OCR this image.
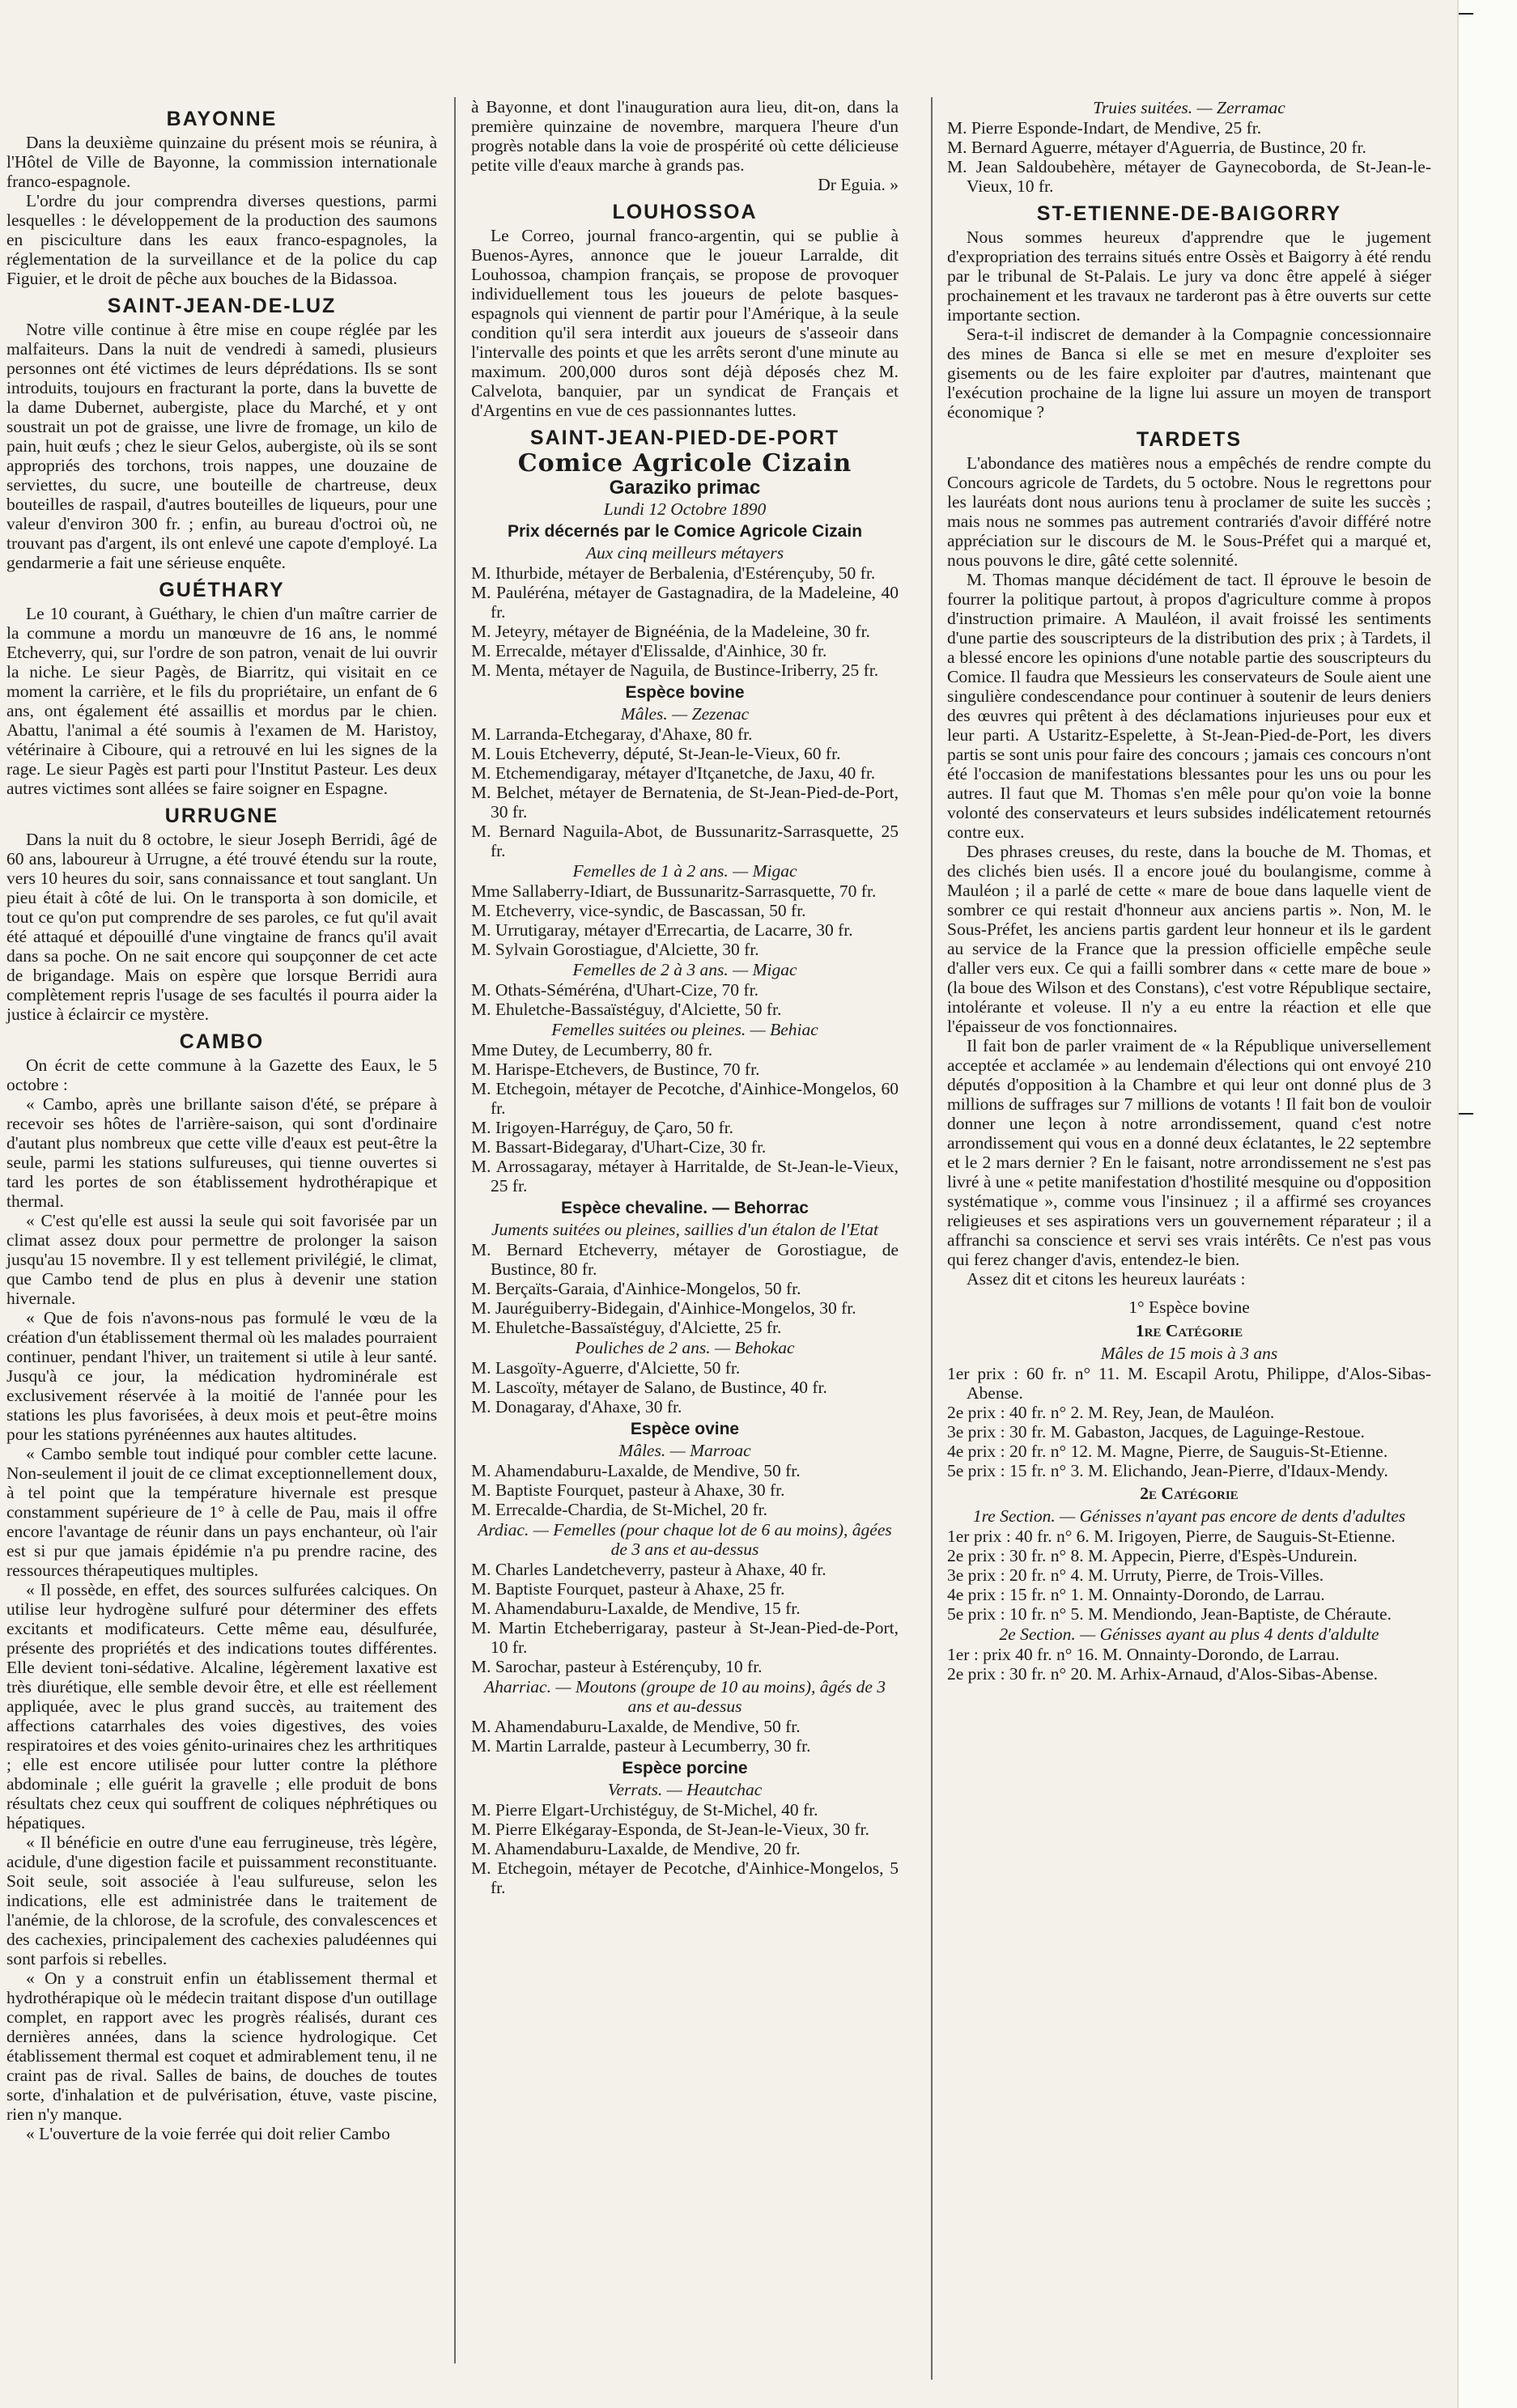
BAYONNE

Dans la deuxième quinzaine du présent mois se réunira, à l'Hôtel de Ville de Bayonne, la commission internationale franco-espagnole.

L'ordre du jour comprendra diverses questions, parmi lesquelles : le développement de la production des saumons en pisciculture dans les eaux franco-espagnoles, la réglementation de la surveillance et de la police du cap Figuier, et le droit de pêche aux bouches de la Bidassoa.

SAINT-JEAN-DE-LUZ

Notre ville continue à être mise en coupe réglée par les malfaiteurs. Dans la nuit de vendredi à samedi, plusieurs personnes ont été victimes de leurs déprédations. Ils se sont introduits, toujours en fracturant la porte, dans la buvette de la dame Dubernet, aubergiste, place du Marché, et y ont soustrait un pot de graisse, une livre de fromage, un kilo de pain, huit œufs ; chez le sieur Gelos, aubergiste, où ils se sont appropriés des torchons, trois nappes, une douzaine de serviettes, du sucre, une bouteille de chartreuse, deux bouteilles de raspail, d'autres bouteilles de liqueurs, pour une valeur d'environ 300 fr. ; enfin, au bureau d'octroi où, ne trouvant pas d'argent, ils ont enlevé une capote d'employé. La gendarmerie a fait une sérieuse enquête.

GUÉTHARY

Le 10 courant, à Guéthary, le chien d'un maître carrier de la commune a mordu un manœuvre de 16 ans, le nommé Etcheverry, qui, sur l'ordre de son patron, venait de lui ouvrir la niche. Le sieur Pagès, de Biarritz, qui visitait en ce moment la carrière, et le fils du propriétaire, un enfant de 6 ans, ont également été assaillis et mordus par le chien. Abattu, l'animal a été soumis à l'examen de M. Haristoy, vétérinaire à Ciboure, qui a retrouvé en lui les signes de la rage. Le sieur Pagès est parti pour l'Institut Pasteur. Les deux autres victimes sont allées se faire soigner en Espagne.

URRUGNE

Dans la nuit du 8 octobre, le sieur Joseph Berridi, âgé de 60 ans, laboureur à Urrugne, a été trouvé étendu sur la route, vers 10 heures du soir, sans connaissance et tout sanglant. Un pieu était à côté de lui. On le transporta à son domicile, et tout ce qu'on put comprendre de ses paroles, ce fut qu'il avait été attaqué et dépouillé d'une vingtaine de francs qu'il avait dans sa poche. On ne sait encore qui soupçonner de cet acte de brigandage. Mais on espère que lorsque Berridi aura complètement repris l'usage de ses facultés il pourra aider la justice à éclaircir ce mystère.

CAMBO

On écrit de cette commune à la Gazette des Eaux, le 5 octobre :

« Cambo, après une brillante saison d'été, se prépare à recevoir ses hôtes de l'arrière-saison, qui sont d'ordinaire d'autant plus nombreux que cette ville d'eaux est peut-être la seule, parmi les stations sulfureuses, qui tienne ouvertes si tard les portes de son établissement hydrothérapique et thermal.

« C'est qu'elle est aussi la seule qui soit favorisée par un climat assez doux pour permettre de prolonger la saison jusqu'au 15 novembre. Il y est tellement privilégié, le climat, que Cambo tend de plus en plus à devenir une station hivernale.

« Que de fois n'avons-nous pas formulé le vœu de la création d'un établissement thermal où les malades pourraient continuer, pendant l'hiver, un traitement si utile à leur santé. Jusqu'à ce jour, la médication hydrominérale est exclusivement réservée à la moitié de l'année pour les stations les plus favorisées, à deux mois et peut-être moins pour les stations pyrénéennes aux hautes altitudes.

« Cambo semble tout indiqué pour combler cette lacune. Non-seulement il jouit de ce climat exceptionnellement doux, à tel point que la température hivernale est presque constamment supérieure de 1° à celle de Pau, mais il offre encore l'avantage de réunir dans un pays enchanteur, où l'air est si pur que jamais épidémie n'a pu prendre racine, des ressources thérapeutiques multiples.

« Il possède, en effet, des sources sulfurées calciques. On utilise leur hydrogène sulfuré pour déterminer des effets excitants et modificateurs. Cette même eau, désulfurée, présente des propriétés et des indications toutes différentes. Elle devient toni-sédative. Alcaline, légèrement laxative est très diurétique, elle semble devoir être, et elle est réellement appliquée, avec le plus grand succès, au traitement des affections catarrhales des voies digestives, des voies respiratoires et des voies génito-urinaires chez les arthritiques ; elle est encore utilisée pour lutter contre la pléthore abdominale ; elle guérit la gravelle ; elle produit de bons résultats chez ceux qui souffrent de coliques néphrétiques ou hépatiques.

« Il bénéficie en outre d'une eau ferrugineuse, très légère, acidule, d'une digestion facile et puissamment reconstituante. Soit seule, soit associée à l'eau sulfureuse, selon les indications, elle est administrée dans le traitement de l'anémie, de la chlorose, de la scrofule, des convalescences et des cachexies, principalement des cachexies paludéennes qui sont parfois si rebelles.

« On y a construit enfin un établissement thermal et hydrothérapique où le médecin traitant dispose d'un outillage complet, en rapport avec les progrès réalisés, durant ces dernières années, dans la science hydrologique. Cet établissement thermal est coquet et admirablement tenu, il ne craint pas de rival. Salles de bains, de douches de toutes sorte, d'inhalation et de pulvérisation, étuve, vaste piscine, rien n'y manque.

« L'ouverture de la voie ferrée qui doit relier Cambo

à Bayonne, et dont l'inauguration aura lieu, dit-on, dans la première quinzaine de novembre, marquera l'heure d'un progrès notable dans la voie de prospérité où cette délicieuse petite ville d'eaux marche à grands pas.

Dr Eguia. »

LOUHOSSOA

Le Correo, journal franco-argentin, qui se publie à Buenos-Ayres, annonce que le joueur Larralde, dit Louhossoa, champion français, se propose de provoquer individuellement tous les joueurs de pelote basques-espagnols qui viennent de partir pour l'Amérique, à la seule condition qu'il sera interdit aux joueurs de s'asseoir dans l'intervalle des points et que les arrêts seront d'une minute au maximum. 200,000 duros sont déjà déposés chez M. Calvelota, banquier, par un syndicat de Français et d'Argentins en vue de ces passionnantes luttes.

SAINT-JEAN-PIED-DE-PORT
Comice Agricole Cizain
Garaziko primac
Lundi 12 Octobre 1890
Prix décernés par le Comice Agricole Cizain
Aux cinq meilleurs métayers

M. Ithurbide, métayer de Berbalenia, d'Estérençuby, 50 fr.

M. Pauléréna, métayer de Gastagnadira, de la Madeleine, 40 fr.

M. Jeteyry, métayer de Bignéénia, de la Madeleine, 30 fr.

M. Errecalde, métayer d'Elissalde, d'Ainhice, 30 fr.

M. Menta, métayer de Naguila, de Bustince-Iriberry, 25 fr.

Espèce bovine
Mâles. — Zezenac

M. Larranda-Etchegaray, d'Ahaxe, 80 fr.

M. Louis Etcheverry, député, St-Jean-le-Vieux, 60 fr.

M. Etchemendigaray, métayer d'Itçanetche, de Jaxu, 40 fr.

M. Belchet, métayer de Bernatenia, de St-Jean-Pied-de-Port, 30 fr.

M. Bernard Naguila-Abot, de Bussunaritz-Sarrasquette, 25 fr.

Femelles de 1 à 2 ans. — Migac

Mme Sallaberry-Idiart, de Bussunaritz-Sarrasquette, 70 fr.

M. Etcheverry, vice-syndic, de Bascassan, 50 fr.

M. Urrutigaray, métayer d'Errecartia, de Lacarre, 30 fr.

M. Sylvain Gorostiague, d'Alciette, 30 fr.

Femelles de 2 à 3 ans. — Migac

M. Othats-Séméréna, d'Uhart-Cize, 70 fr.

M. Ehuletche-Bassaïstéguy, d'Alciette, 50 fr.

Femelles suitées ou pleines. — Behiac

Mme Dutey, de Lecumberry, 80 fr.

M. Harispe-Etchevers, de Bustince, 70 fr.

M. Etchegoin, métayer de Pecotche, d'Ainhice-Mongelos, 60 fr.

M. Irigoyen-Harréguy, de Çaro, 50 fr.

M. Bassart-Bidegaray, d'Uhart-Cize, 30 fr.

M. Arrossagaray, métayer à Harritalde, de St-Jean-le-Vieux, 25 fr.

Espèce chevaline. — Behorrac
Juments suitées ou pleines, saillies d'un étalon de l'Etat

M. Bernard Etcheverry, métayer de Gorostiague, de Bustince, 80 fr.

M. Berçaïts-Garaia, d'Ainhice-Mongelos, 50 fr.

M. Jauréguiberry-Bidegain, d'Ainhice-Mongelos, 30 fr.

M. Ehuletche-Bassaïstéguy, d'Alciette, 25 fr.

Pouliches de 2 ans. — Behokac

M. Lasgoïty-Aguerre, d'Alciette, 50 fr.

M. Lascoïty, métayer de Salano, de Bustince, 40 fr.

M. Donagaray, d'Ahaxe, 30 fr.

Espèce ovine
Mâles. — Marroac

M. Ahamendaburu-Laxalde, de Mendive, 50 fr.

M. Baptiste Fourquet, pasteur à Ahaxe, 30 fr.

M. Errecalde-Chardia, de St-Michel, 20 fr.

Ardiac. — Femelles (pour chaque lot de 6 au moins), âgées de 3 ans et au-dessus

M. Charles Landetcheverry, pasteur à Ahaxe, 40 fr.

M. Baptiste Fourquet, pasteur à Ahaxe, 25 fr.

M. Ahamendaburu-Laxalde, de Mendive, 15 fr.

M. Martin Etcheberrigaray, pasteur à St-Jean-Pied-de-Port, 10 fr.

M. Sarochar, pasteur à Estérençuby, 10 fr.

Aharriac. — Moutons (groupe de 10 au moins), âgés de 3 ans et au-dessus

M. Ahamendaburu-Laxalde, de Mendive, 50 fr.

M. Martin Larralde, pasteur à Lecumberry, 30 fr.

Espèce porcine
Verrats. — Heautchac

M. Pierre Elgart-Urchistéguy, de St-Michel, 40 fr.

M. Pierre Elkégaray-Esponda, de St-Jean-le-Vieux, 30 fr.

M. Ahamendaburu-Laxalde, de Mendive, 20 fr.

M. Etchegoin, métayer de Pecotche, d'Ainhice-Mongelos, 5 fr.

Truies suitées. — Zerramac

M. Pierre Esponde-Indart, de Mendive, 25 fr.

M. Bernard Aguerre, métayer d'Aguerria, de Bustince, 20 fr.

M. Jean Saldoubehère, métayer de Gaynecoborda, de St-Jean-le-Vieux, 10 fr.

ST-ETIENNE-DE-BAIGORRY

Nous sommes heureux d'apprendre que le jugement d'expropriation des terrains situés entre Ossès et Baigorry à été rendu par le tribunal de St-Palais. Le jury va donc être appelé à siéger prochainement et les travaux ne tarderont pas à être ouverts sur cette importante section.

Sera-t-il indiscret de demander à la Compagnie concessionnaire des mines de Banca si elle se met en mesure d'exploiter ses gisements ou de les faire exploiter par d'autres, maintenant que l'exécution prochaine de la ligne lui assure un moyen de transport économique ?

TARDETS

L'abondance des matières nous a empêchés de rendre compte du Concours agricole de Tardets, du 5 octobre. Nous le regrettons pour les lauréats dont nous aurions tenu à proclamer de suite les succès ; mais nous ne sommes pas autrement contrariés d'avoir différé notre appréciation sur le discours de M. le Sous-Préfet qui a marqué et, nous pouvons le dire, gâté cette solennité.

M. Thomas manque décidément de tact. Il éprouve le besoin de fourrer la politique partout, à propos d'agriculture comme à propos d'instruction primaire. A Mauléon, il avait froissé les sentiments d'une partie des souscripteurs de la distribution des prix ; à Tardets, il a blessé encore les opinions d'une notable partie des souscripteurs du Comice. Il faudra que Messieurs les conservateurs de Soule aient une singulière condescendance pour continuer à soutenir de leurs deniers des œuvres qui prêtent à des déclamations injurieuses pour eux et leur parti. A Ustaritz-Espelette, à St-Jean-Pied-de-Port, les divers partis se sont unis pour faire des concours ; jamais ces concours n'ont été l'occasion de manifestations blessantes pour les uns ou pour les autres. Il faut que M. Thomas s'en mêle pour qu'on voie la bonne volonté des conservateurs et leurs subsides indélicatement retournés contre eux.

Des phrases creuses, du reste, dans la bouche de M. Thomas, et des clichés bien usés. Il a encore joué du boulangisme, comme à Mauléon ; il a parlé de cette « mare de boue dans laquelle vient de sombrer ce qui restait d'honneur aux anciens partis ». Non, M. le Sous-Préfet, les anciens partis gardent leur honneur et ils le gardent au service de la France que la pression officielle empêche seule d'aller vers eux. Ce qui a failli sombrer dans « cette mare de boue » (la boue des Wilson et des Constans), c'est votre République sectaire, intolérante et voleuse. Il n'y a eu entre la réaction et elle que l'épaisseur de vos fonctionnaires.

Il fait bon de parler vraiment de « la République universellement acceptée et acclamée » au lendemain d'élections qui ont envoyé 210 députés d'opposition à la Chambre et qui leur ont donné plus de 3 millions de suffrages sur 7 millions de votants ! Il fait bon de vouloir donner une leçon à notre arrondissement, quand c'est notre arrondissement qui vous en a donné deux éclatantes, le 22 septembre et le 2 mars dernier ? En le faisant, notre arrondissement ne s'est pas livré à une « petite manifestation d'hostilité mesquine ou d'opposition systématique », comme vous l'insinuez ; il a affirmé ses croyances religieuses et ses aspirations vers un gouvernement réparateur ; il a affranchi sa conscience et servi ses vrais intérêts. Ce n'est pas vous qui ferez changer d'avis, entendez-le bien.

Assez dit et citons les heureux lauréats :

1° Espèce bovine
1re Catégorie
Mâles de 15 mois à 3 ans

1er prix : 60 fr. n° 11. M. Escapil Arotu, Philippe, d'Alos-Sibas-Abense.

2e prix : 40 fr. n° 2. M. Rey, Jean, de Mauléon.

3e prix : 30 fr. M. Gabaston, Jacques, de Laguinge-Restoue.

4e prix : 20 fr. n° 12. M. Magne, Pierre, de Sauguis-St-Etienne.

5e prix : 15 fr. n° 3. M. Elichando, Jean-Pierre, d'Idaux-Mendy.

2e Catégorie
1re Section. — Génisses n'ayant pas encore de dents d'adultes

1er prix : 40 fr. n° 6. M. Irigoyen, Pierre, de Sauguis-St-Etienne.

2e prix : 30 fr. n° 8. M. Appecin, Pierre, d'Espès-Undurein.

3e prix : 20 fr. n° 4. M. Urruty, Pierre, de Trois-Villes.

4e prix : 15 fr. n° 1. M. Onnainty-Dorondo, de Larrau.

5e prix : 10 fr. n° 5. M. Mendiondo, Jean-Baptiste, de Chéraute.

2e Section. — Génisses ayant au plus 4 dents d'aldulte

1er : prix 40 fr. n° 16. M. Onnainty-Dorondo, de Larrau.

2e prix : 30 fr. n° 20. M. Arhix-Arnaud, d'Alos-Sibas-Abense.
